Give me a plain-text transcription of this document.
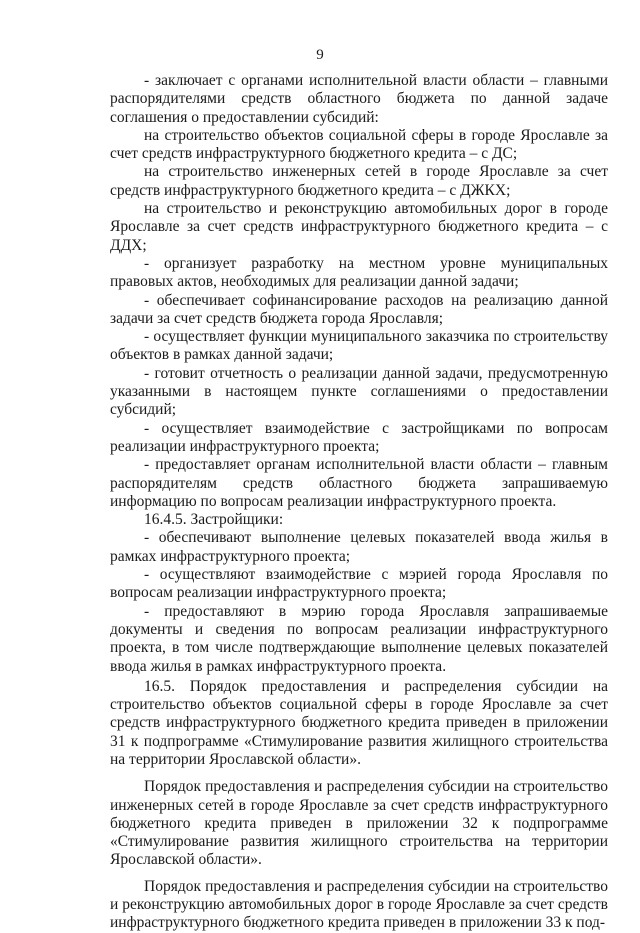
9

- заключает с органами исполнительной власти области – главными распорядителями средств областного бюджета по данной задаче соглашения о предоставлении субсидий:

на строительство объектов социальной сферы в городе Ярославле за счет средств инфраструктурного бюджетного кредита – с ДС;

на строительство инженерных сетей в городе Ярославле за счет средств инфраструктурного бюджетного кредита – с ДЖКХ;

на строительство и реконструкцию автомобильных дорог в городе Ярославле за счет средств инфраструктурного бюджетного кредита – с ДДХ;

- организует разработку на местном уровне муниципальных правовых актов, необходимых для реализации данной задачи;

- обеспечивает софинансирование расходов на реализацию данной задачи за счет средств бюджета города Ярославля;

- осуществляет функции муниципального заказчика по строительству объектов в рамках данной задачи;

- готовит отчетность о реализации данной задачи, предусмотренную указанными в настоящем пункте соглашениями о предоставлении субсидий;

- осуществляет взаимодействие с застройщиками по вопросам реализации инфраструктурного проекта;

- предоставляет органам исполнительной власти области – главным распорядителям средств областного бюджета запрашиваемую информацию по вопросам реализации инфраструктурного проекта.

16.4.5. Застройщики:

- обеспечивают выполнение целевых показателей ввода жилья в рамках инфраструктурного проекта;

- осуществляют взаимодействие с мэрией города Ярославля по вопросам реализации инфраструктурного проекта;

- предоставляют в мэрию города Ярославля запрашиваемые документы и сведения по вопросам реализации инфраструктурного проекта, в том числе подтверждающие выполнение целевых показателей ввода жилья в рамках инфраструктурного проекта.

16.5. Порядок предоставления и распределения субсидии на строительство объектов социальной сферы в городе Ярославле за счет средств инфраструктурного бюджетного кредита приведен в приложении 31 к подпрограмме «Стимулирование развития жилищного строительства на территории Ярославской области».

Порядок предоставления и распределения субсидии на строительство инженерных сетей в городе Ярославле за счет средств инфраструктурного бюджетного кредита приведен в приложении 32 к подпрограмме «Стимулирование развития жилищного строительства на территории Ярославской области».

Порядок предоставления и распределения субсидии на строительство и реконструкцию автомобильных дорог в городе Ярославле за счет средств инфраструктурного бюджетного кредита приведен в приложении 33 к под-
